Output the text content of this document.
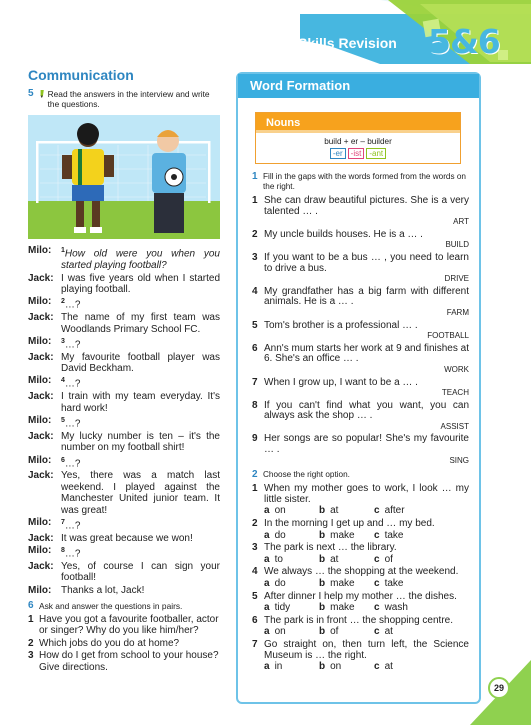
Skills Revision 5&6
Communication
5 Read the answers in the interview and write the questions.
Milo:	$^1$How old were you when you started playing football?
Jack: I was five years old when I started playing football.
Milo:	$^2$…?
Jack: The name of my first team was Woodlands Primary School FC.
Milo:	$^3$…?
Jack: My favourite football player was David Beckham.
Milo:	$^4$…?
Jack: I train with my team everyday. It's hard work!
Milo:	$^5$…?
Jack: My lucky number is ten – it's the number on my football shirt!
Milo:	$^6$…?
Jack: Yes, there was a match last weekend. I played against the Manchester United junior team. It was great!
Milo:	$^7$…?
Jack: It was great because we won!
Milo:	$^8$…?
Jack: Yes, of course I can sign your football!
Milo: Thanks a lot, Jack!
6 Ask and answer the questions in pairs.
1 Have you got a favourite footballer, actor or singer? Why do you like him/her?
2 Which jobs do you do at home?
3 How do I get from school to your house? Give directions.
Word Formation
Nouns
build + er – builder
-er -ist -ant
1 Fill in the gaps with the words formed from the words on the right.
1 She can draw beautiful pictures. She is a very talented … .
ART
2 My uncle builds houses. He is a … .
BUILD
3 If you want to be a bus … , you need to learn to drive a bus.
DRIVE
4 My grandfather has a big farm with different animals. He is a … .
FARM
5 Tom's brother is a professional … .
FOOTBALL
6 Ann's mum starts her work at 9 and finishes at 6. She's an office … .
WORK
7 When I grow up, I want to be a … .
TEACH
8 If you can't find what you want, you can always ask the shop … .
ASSIST
9 Her songs are so popular! She's my favourite … .
SING
2 Choose the right option.
1 When my mother goes to work, I look … my little sister.
a on	b at	c after
2 In the morning I get up and … my bed.
a do	b make	c take
3 The park is next … the library.
a to	b at	c of
4 We always … the shopping at the weekend.
a do	b make	c take
5 After dinner I help my mother … the dishes.
a tidy	b make	c wash
6 The park is in front … the shopping centre.
a on	b of	c at
7 Go straight on, then turn left, the Science Museum is … the right.
a in	b on	c at
29
